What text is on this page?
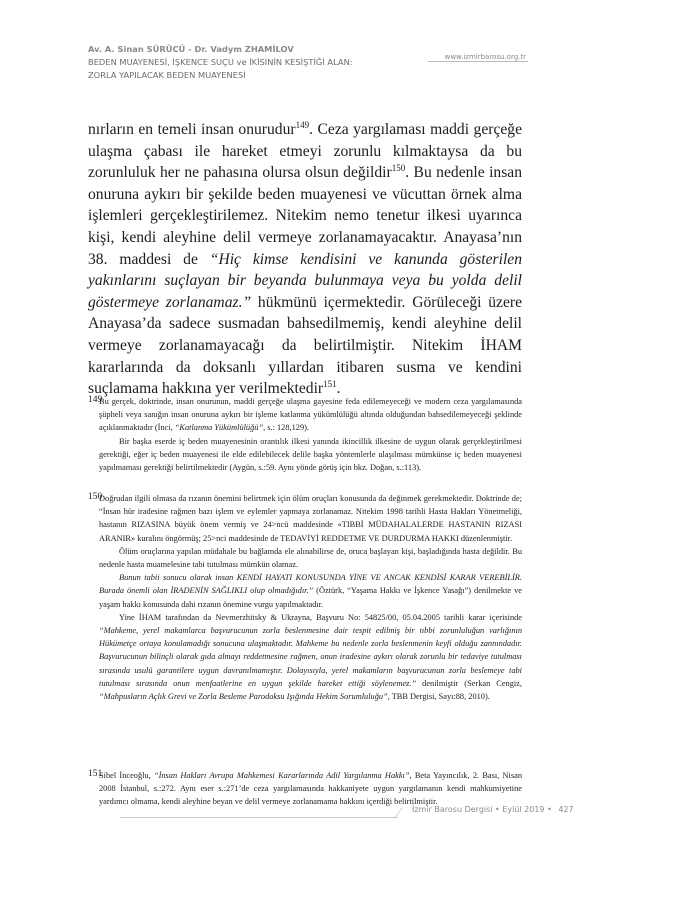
Av. A. Sinan SÜRÜCÜ - Dr. Vadym ZHAMİLOV
BEDEN MUAYENESİ, İŞKENCE SUÇU ve İKİSİNİN KESİŞTİĞİ ALAN:
ZORLA YAPILACAK BEDEN MUAYENESİ
www.izmirbarosu.org.tr

nırların en temeli insan onurudur$^{149}$. Ceza yargılaması maddi gerçeğe ulaşma çabası ile hareket etmeyi zorunlu kılmaktaysa da bu zorunluluk her ne pahasına olursa olsun değildir$^{150}$. Bu nedenle insan onuruna aykırı bir şekilde beden muayenesi ve vücuttan örnek alma işlemleri gerçekleştirilemez. Nitekim nemo tenetur ilkesi uyarınca kişi, kendi aleyhine delil vermeye zorlanamayacaktır. Anayasa’nın 38. maddesi de “Hiç kimse kendisini ve kanunda gösterilen yakınlarını suçlayan bir beyanda bulunmaya veya bu yolda delil göstermeye zorlanamaz.” hükmünü içermektedir. Görüleceği üzere Anayasa’da sadece susmadan bahsedilmemiş, kendi aleyhine delil vermeye zorlanamayacağı da belirtilmiştir. Nitekim İHAM kararlarında da doksanlı yıllardan itibaren susma ve kendini suçlamama hakkına yer verilmektedir$^{151}$.

149

Bu gerçek, doktrinde, insan onurunun, maddi gerçeğe ulaşma gayesine feda edilemeyeceği ve modern ceza yargılamasında şüpheli veya sanığın insan onuruna aykırı bir işleme katlanma yükümlülüğü altında olduğundan bahsedilemeyeceği şeklinde açıklanmaktadır (İnci, “Katlanma Yükümlülüğü”, s.: 128,129).

Bir başka eserde iç beden muayenesinin orantılık ilkesi yanında ikincillik ilkesine de uygun olarak gerçekleştirilmesi gerektiği, eğer iç beden muayenesi ile elde edilebilecek delile başka yöntemlerle ulaşılması mümkünse iç beden muayenesi yapılmaması gerektiği belirtilmektedir (Aygün, s.:59. Aynı yönde görüş için bkz. Doğan, s.:113).

150

Doğrudan ilgili olmasa da rızanın önemini belirtmek için ölüm oruçları konusunda da değinmek gerekmektedir. Doktrinde de; “İnsan hür iradesine rağmen bazı işlem ve eylemler yapmaya zorlanamaz. Nitekim 1998 tarihli Hasta Hakları Yönetmeliği, hastanın RIZASINA büyük önem vermiş ve 24>ncü maddesinde «TIBBİ MÜDAHALALERDE HASTANIN RIZASI ARANIR» kuralını öngörmüş; 25>nci maddesinde de TEDAVİYİ REDDETME VE DURDURMA HAKKI düzenlenmiştir.

Ölüm oruçlarına yapılan müdahale bu bağlamda ele alınabilirse de, oruca başlayan kişi, başladığında hasta değildir. Bu nedenle hasta muamelesine tabi tutulması mümkün olamaz.

Bunun tabii sonucu olarak insan KENDİ HAYATI KONUSUNDA YİNE VE ANCAK KENDİSİ KARAR VEREBİLİR. Burada önemli olan İRADENİN SAĞLIKLI olup olmadığıdır.” (Öztürk, “Yaşama Hakkı ve İşkence Yasağı”) denilmekte ve yaşam hakkı konusunda dahi rızanın önemine vurgu yapılmaktadır.

Yine İHAM tarafından da Nevmerzhitsky & Ukrayna, Başvuru No: 54825/00, 05.04.2005 tarihli karar içerisinde “Mahkeme, yerel makamlarca başvurucunun zorla beslenmesine dair tespit edilmiş bir tıbbi zorunluluğun varlığının Hükümetçe ortaya konulamadığı sonucuna ulaşmaktadır. Mahkeme bu nedenle zorla beslenmenin keyfi olduğu zannındadır. Başvurucunun bilinçli olarak gıda almayı reddetmesine rağmen, onun iradesine aykırı olarak zorunlu bir tedaviye tutulması sırasında usulü garantilere uygun davranılmamıştır. Dolayısıyla, yerel makamların başvurucunun zorla beslemeye tabi tutulması sırasında onun menfaatlerine en uygun şekilde hareket ettiği söylenemez.” denilmiştir (Serkan Cengiz, “Mahpusların Açlık Grevi ve Zorla Besleme Parodoksu Işığında Hekim Sorumluluğu”, TBB Dergisi, Sayı:88, 2010).

151

Sibel İnceoğlu, “İnsan Hakları Avrupa Mahkemesi Kararlarında Adil Yargılanma Hakkı”, Beta Yayıncılık, 2. Bası, Nisan 2008 İstanbul, s.:272. Aynı eser s.:271’de ceza yargılamasında hakkaniyete uygun yargılamanın kendi mahkumiyetine yardımcı olmama, kendi aleyhine beyan ve delil vermeye zorlanamama hakkını içerdiği belirtilmiştir.

İzmir Barosu Dergisi • Eylül 2019 • 427
